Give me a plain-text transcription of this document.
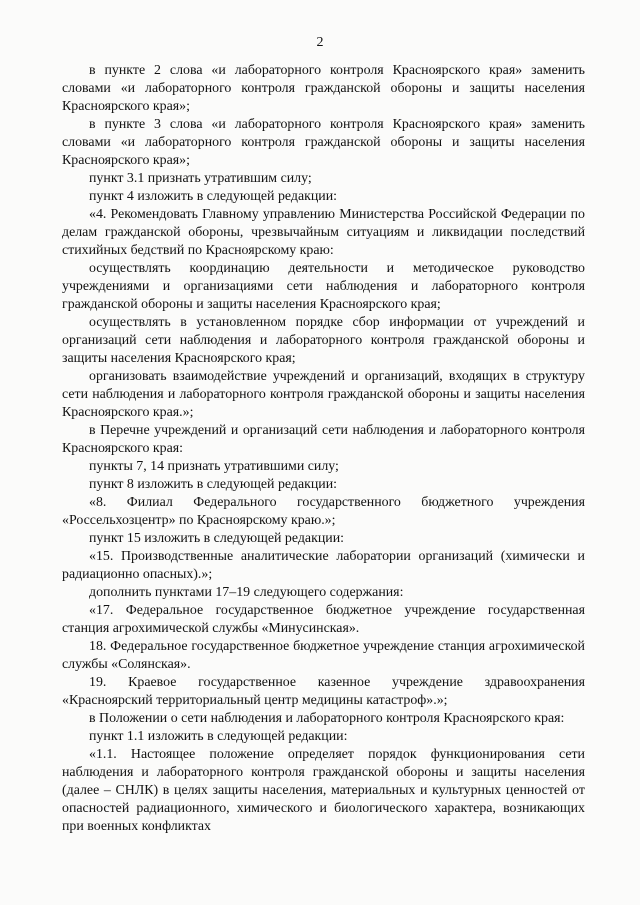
2

в пункте 2 слова «и лабораторного контроля Красноярского края» заменить словами «и лабораторного контроля гражданской обороны и защиты населения Красноярского края»;

в пункте 3 слова «и лабораторного контроля Красноярского края» заменить словами «и лабораторного контроля гражданской обороны и защиты населения Красноярского края»;

пункт 3.1 признать утратившим силу;

пункт 4 изложить в следующей редакции:

«4. Рекомендовать Главному управлению Министерства Российской Федерации по делам гражданской обороны, чрезвычайным ситуациям и ликвидации последствий стихийных бедствий по Красноярскому краю:

осуществлять координацию деятельности и методическое руководство учреждениями и организациями сети наблюдения и лабораторного контроля гражданской обороны и защиты населения Красноярского края;

осуществлять в установленном порядке сбор информации от учреждений и организаций сети наблюдения и лабораторного контроля гражданской обороны и защиты населения Красноярского края;

организовать взаимодействие учреждений и организаций, входящих в структуру сети наблюдения и лабораторного контроля гражданской обороны и защиты населения Красноярского края.»;

в Перечне учреждений и организаций сети наблюдения и лабораторного контроля Красноярского края:

пункты 7, 14 признать утратившими силу;

пункт 8 изложить в следующей редакции:

«8. Филиал Федерального государственного бюджетного учреждения «Россельхозцентр» по Красноярскому краю.»;

пункт 15 изложить в следующей редакции:

«15. Производственные аналитические лаборатории организаций (химически и радиационно опасных).»;

дополнить пунктами 17–19 следующего содержания:

«17. Федеральное государственное бюджетное учреждение государственная станция агрохимической службы «Минусинская».

18. Федеральное государственное бюджетное учреждение станция агрохимической службы «Солянская».

19. Краевое государственное казенное учреждение здравоохранения «Красноярский территориальный центр медицины катастроф».»;

в Положении о сети наблюдения и лабораторного контроля Красноярского края:

пункт 1.1 изложить в следующей редакции:

«1.1. Настоящее положение определяет порядок функционирования сети наблюдения и лабораторного контроля гражданской обороны и защиты населения (далее – СНЛК) в целях защиты населения, материальных и культурных ценностей от опасностей радиационного, химического и биологического характера, возникающих при военных конфликтах
